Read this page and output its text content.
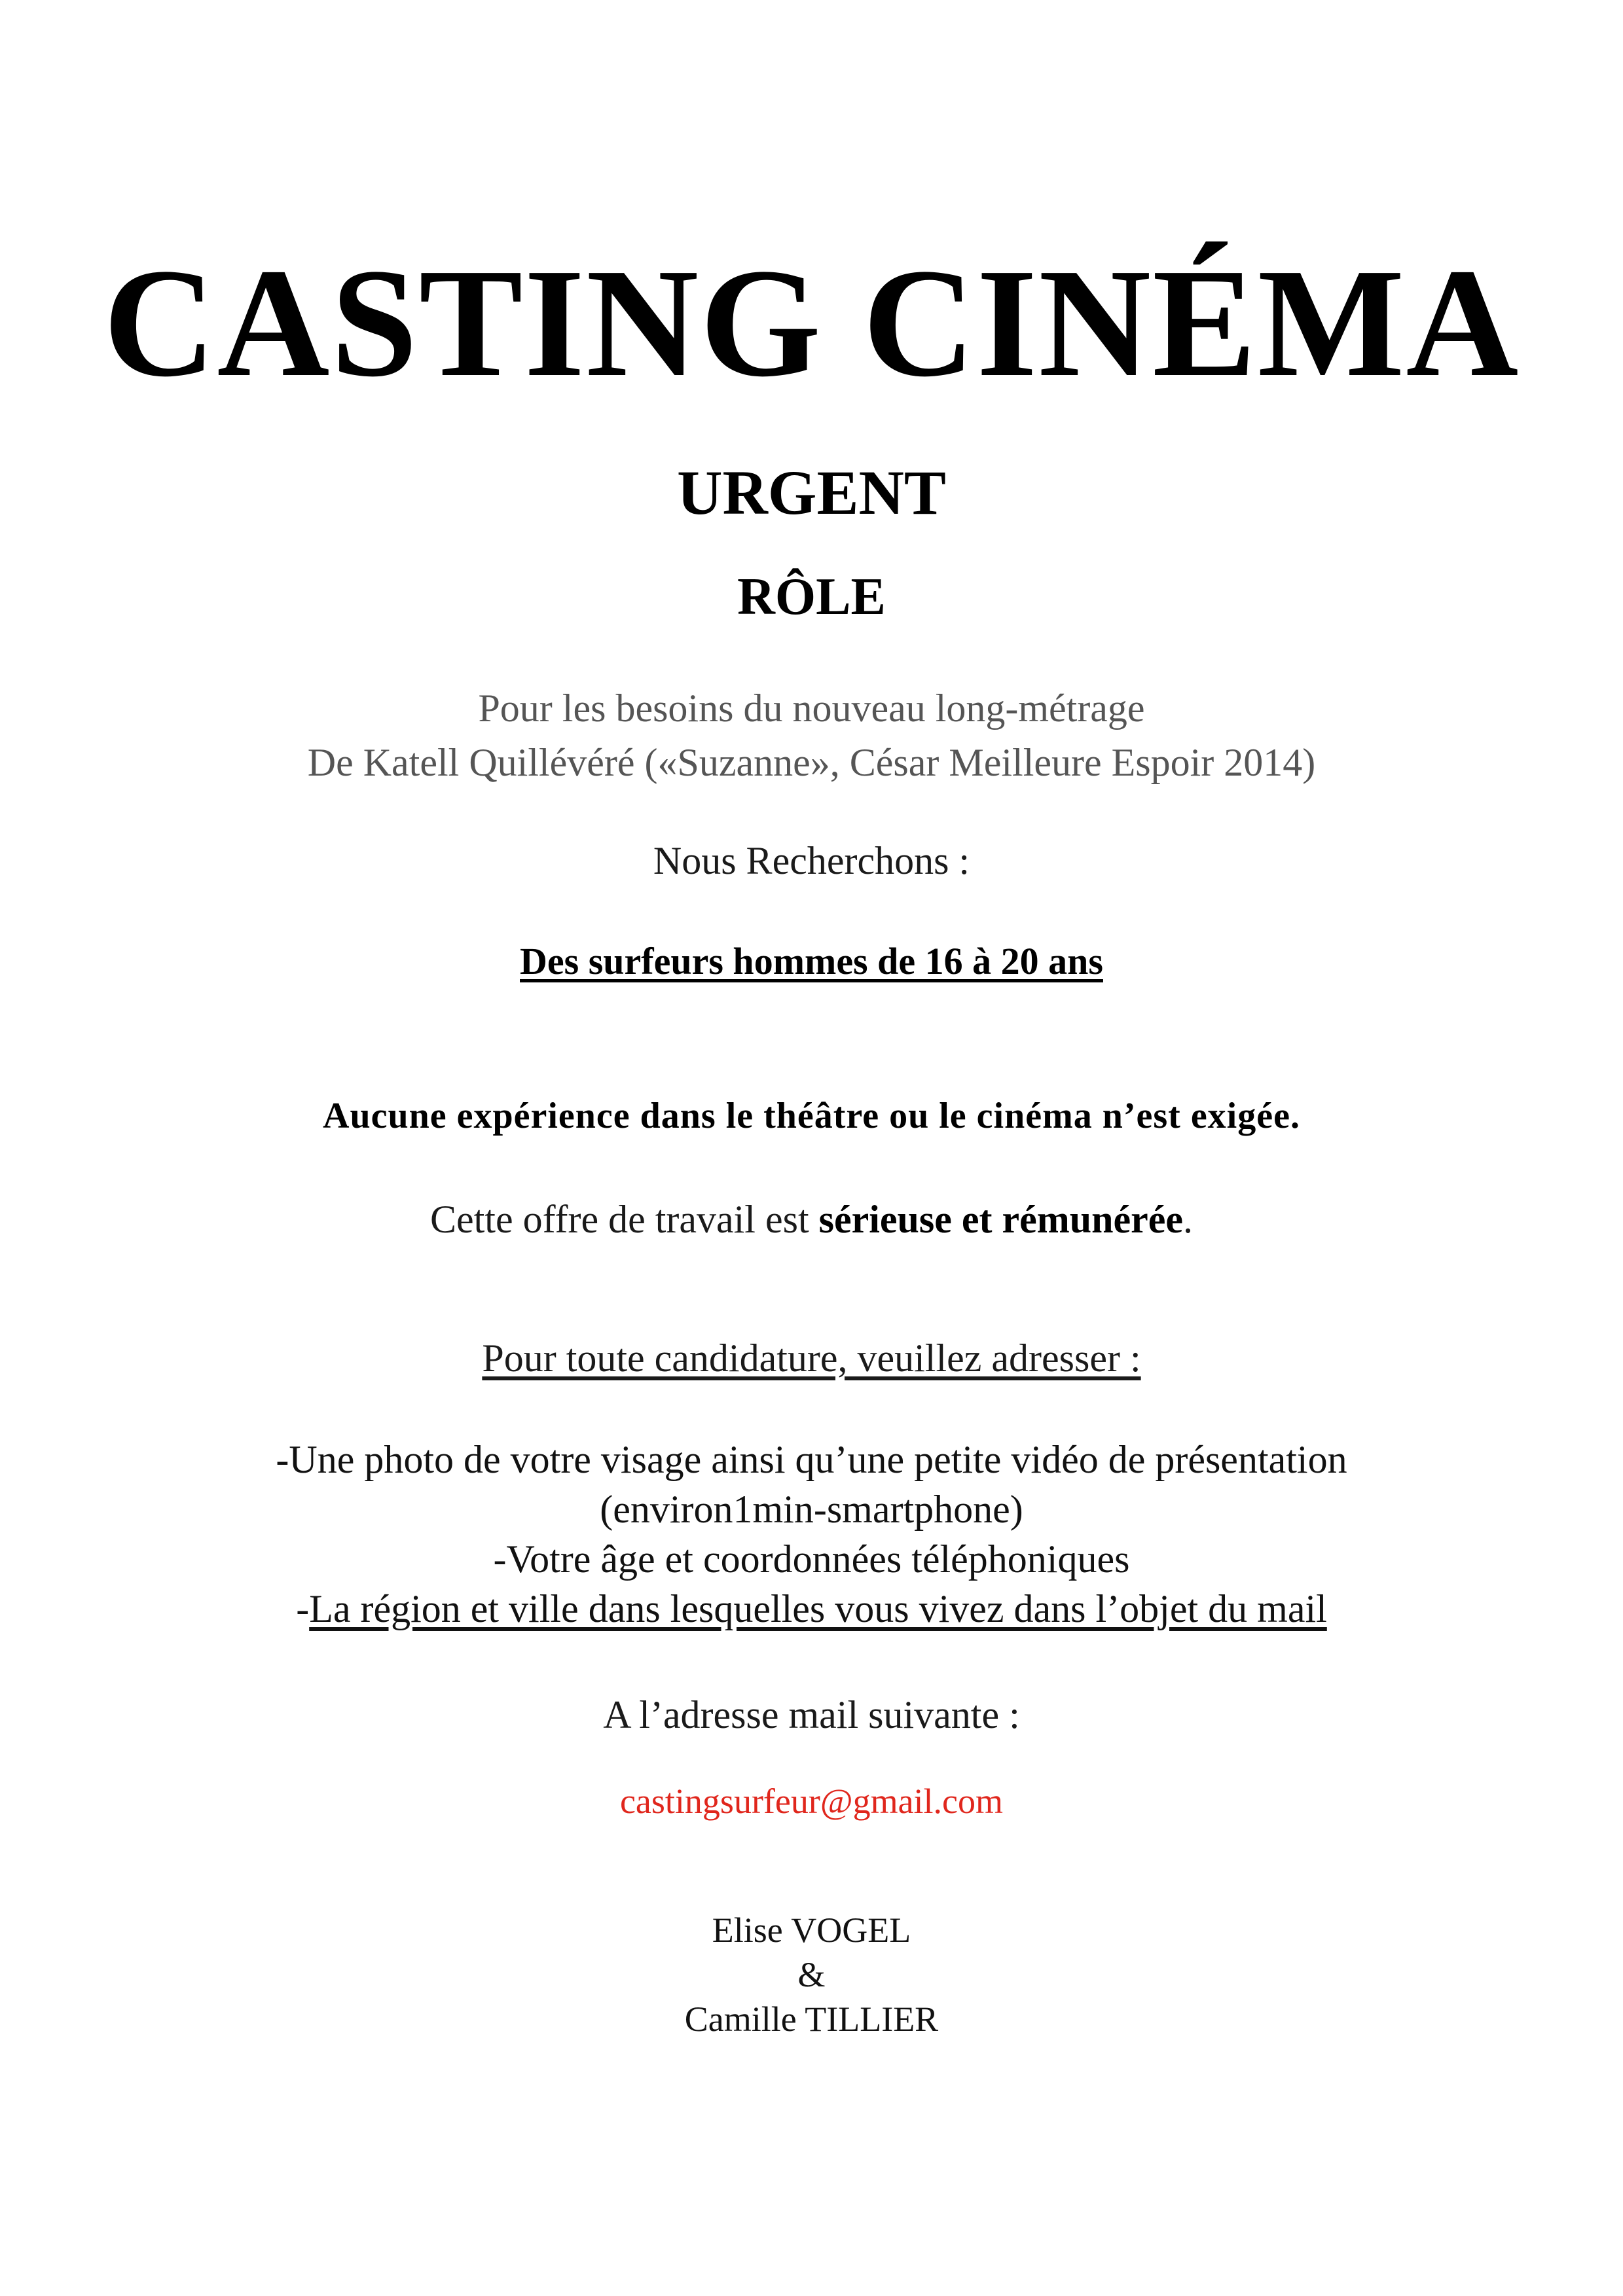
CASTING CINÉMA
URGENT
RÔLE
Pour les besoins du nouveau long-métrage
De Katell Quillévéré («Suzanne», César Meilleure Espoir 2014)
Nous Recherchons :
Des surfeurs hommes de 16 à 20 ans
Aucune expérience dans le théâtre ou le cinéma n’est exigée.
Cette offre de travail est sérieuse et rémunérée.
Pour toute candidature, veuillez adresser :
-Une photo de votre visage ainsi qu’une petite vidéo de présentation
(environ1min-smartphone)
-Votre âge et coordonnées téléphoniques
-La région et ville dans lesquelles vous vivez dans l’objet du mail
A l’adresse mail suivante :
castingsurfeur@gmail.com
Elise VOGEL
&
Camille TILLIER
